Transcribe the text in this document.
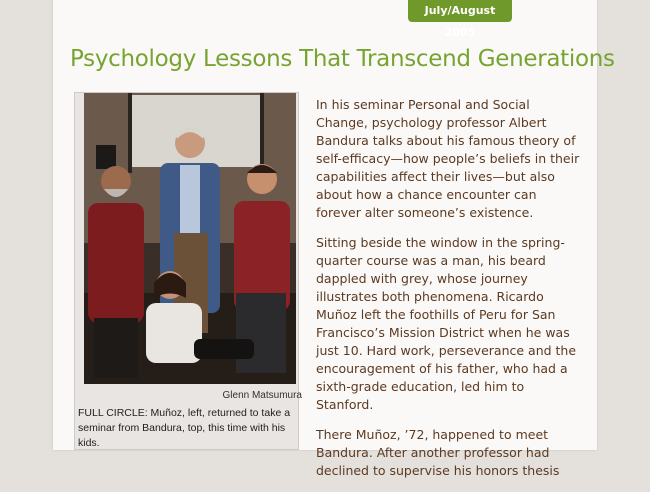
July/August 2005
Psychology Lessons That Transcend Generations
Glenn Matsumura
FULL CIRCLE: Muñoz, left, returned to take a seminar from Bandura, top, this time with his kids.

In his seminar Personal and Social Change, psychology professor Albert Bandura talks about his famous theory of self-efficacy—how people’s beliefs in their capabilities affect their lives—but also about how a chance encounter can forever alter someone’s existence.

Sitting beside the window in the spring-quarter course was a man, his beard dappled with grey, whose journey illustrates both phenomena. Ricardo Muñoz left the foothills of Peru for San Francisco’s Mission District when he was just 10. Hard work, perseverance and the encouragement of his father, who had a sixth-grade education, led him to Stanford.

There Muñoz, ’72, happened to meet Bandura. After another professor had declined to supervise his honors thesis
